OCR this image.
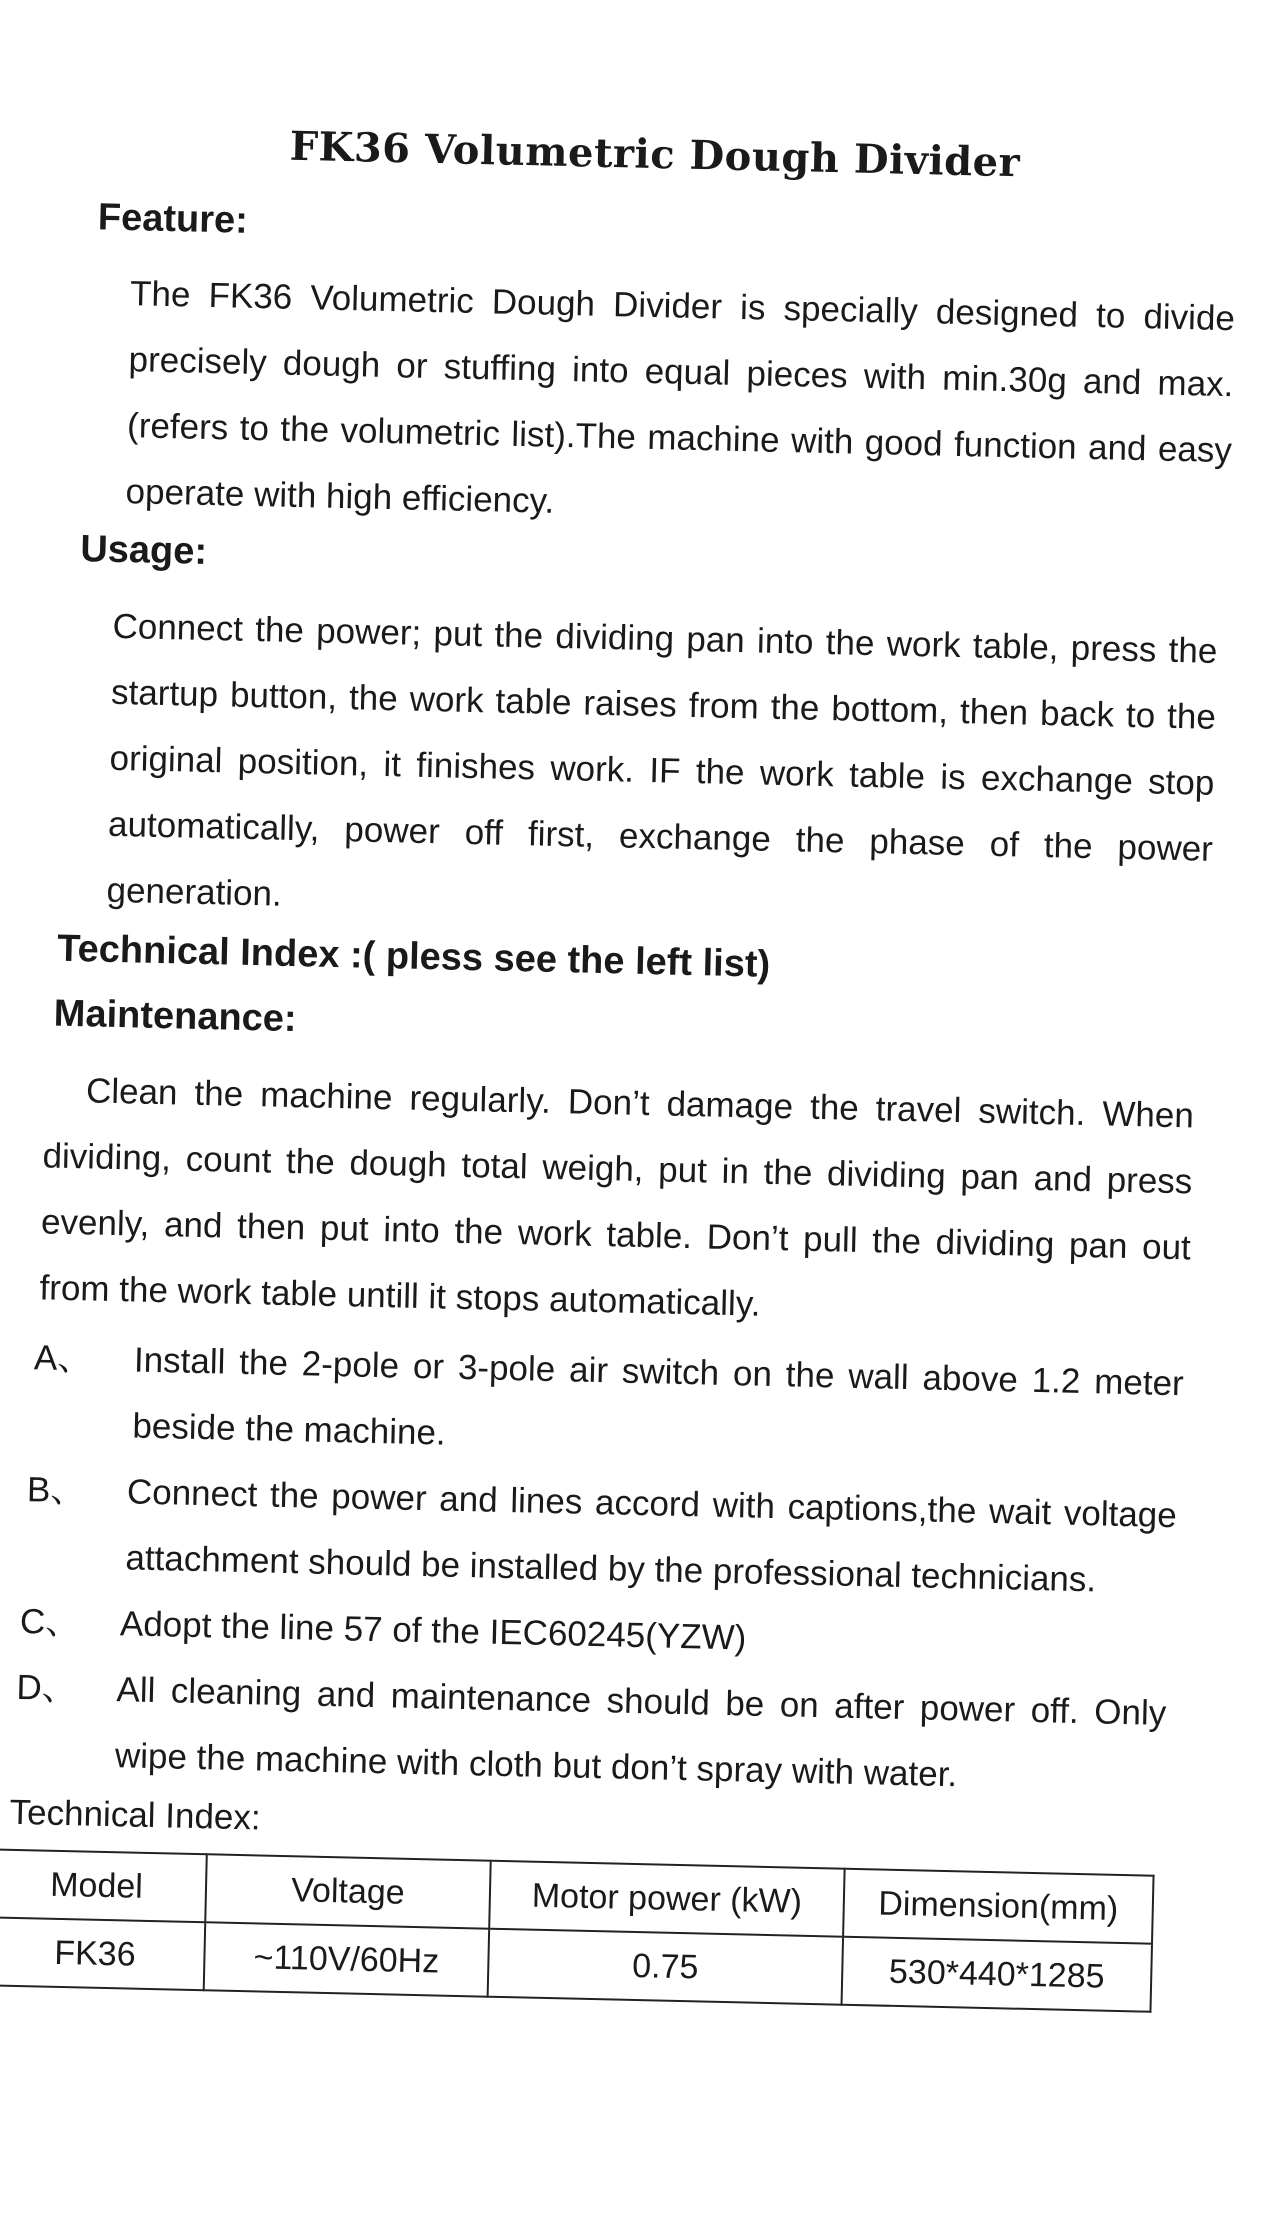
FK36 Volumetric Dough Divider
Feature:

The FK36 Volumetric Dough Divider is specially designed to divide precisely dough or stuffing into equal pieces with min.30g and max.(refers to the volumetric list).The machine with good function and easy operate with high efficiency.

Usage:

Connect the power; put the dividing pan into the work table, press the startup button, the work table raises from the bottom, then back to the original position, it finishes work. IF the work table is exchange stop automatically, power off first, exchange the phase of the power generation.

Technical Index :( pless see the left list)
Maintenance:

Clean the machine regularly. Don’t damage the travel switch. When dividing, count the dough total weigh, put in the dividing pan and press evenly, and then put into the work table. Don’t pull the dividing pan out from the work table untill it stops automatically.

A、 Install the 2-pole or 3-pole air switch on the wall above 1.2 meter beside the machine.
B、 Connect the power and lines accord with captions,the wait voltage attachment should be installed by the professional technicians.
C、 Adopt the line 57 of the IEC60245(YZW)
D、 All cleaning and maintenance should be on after power off. Only wipe the machine with cloth but don’t spray with water.

Technical Index:

Model	Voltage	Motor power (kW)	Dimension(mm)
FK36	~110V/60Hz	0.75	530*440*1285
